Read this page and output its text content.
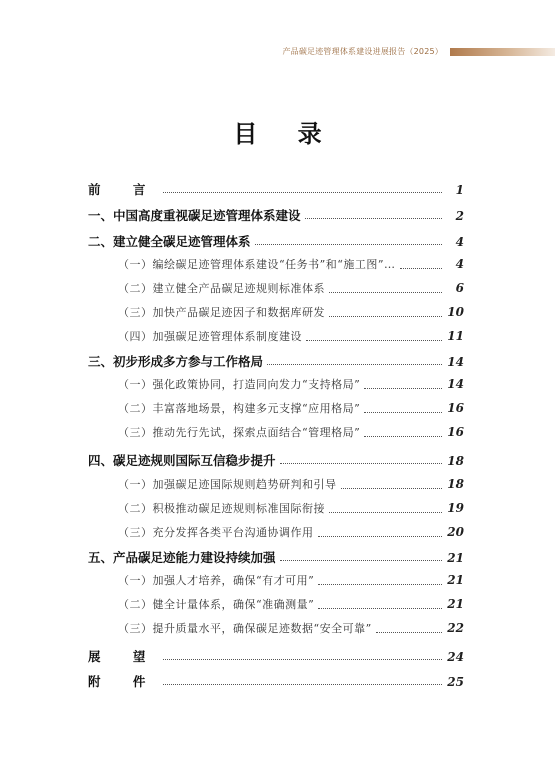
产品碳足迹管理体系建设进展报告（2025）
目 录
前 言	1
一、中国高度重视碳足迹管理体系建设	2
二、建立健全碳足迹管理体系	4
（一）编绘碳足迹管理体系建设“任务书”和“施工图”…	4
（二）建立健全产品碳足迹规则标准体系	6
（三）加快产品碳足迹因子和数据库研发	10
（四）加强碳足迹管理体系制度建设	11
三、初步形成多方参与工作格局	14
（一）强化政策协同，打造同向发力“支持格局”	14
（二）丰富落地场景，构建多元支撑“应用格局”	16
（三）推动先行先试，探索点面结合“管理格局”	16
四、碳足迹规则国际互信稳步提升	18
（一）加强碳足迹国际规则趋势研判和引导	18
（二）积极推动碳足迹规则标准国际衔接	19
（三）充分发挥各类平台沟通协调作用	20
五、产品碳足迹能力建设持续加强	21
（一）加强人才培养，确保“有才可用”	21
（二）健全计量体系，确保“准确测量”	21
（三）提升质量水平，确保碳足迹数据“安全可靠”	22
展 望	24
附 件	25
